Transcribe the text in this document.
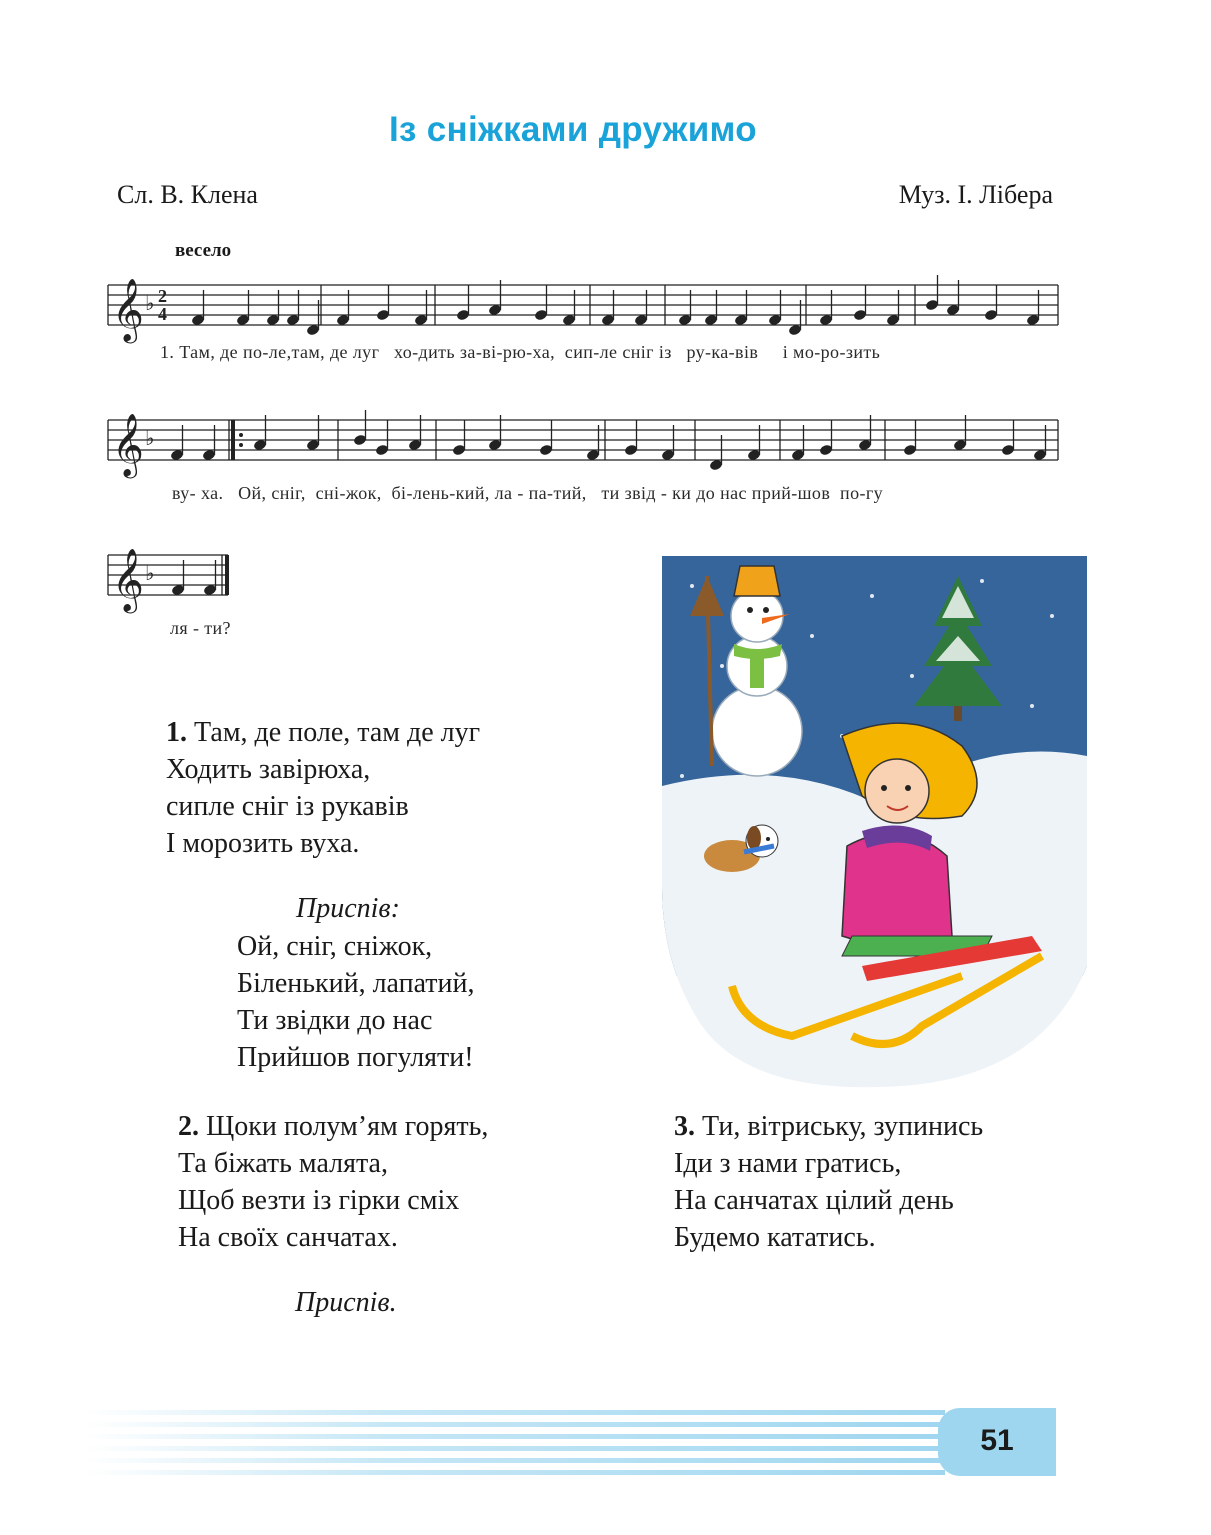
Із сніжками дружимо
Сл. В. Клена	Муз. І. Лібера
весело
𝄞 ♭ 2
4
1. Там, де по-ле,там, де луг   хо-дить за-ві-рю-ха,  сип-ле сніг із   ру-ка-вів     і мо-ро-зить
𝄞 ♭
ву- ха.   Ой, сніг,  сні-жок,  бі-лень-кий, ла - па-тий,   ти звід - ки до нас прий-шов  по-гу
𝄞 ♭
ля - ти?
1. Там, де поле, там де луг
Ходить завірюха,
сипле сніг із рукавів
І морозить вуха.
Приспів:
Ой, сніг, сніжок,
Біленький, лапатий,
Ти звідки до нас
Прийшов погуляти!
2. Щоки полум’ям горять,
Та біжать малята,
Щоб везти із гірки сміх
На своїх санчатах.
Приспів.
3. Ти, вітриську, зупинись
Іди з нами гратись,
На санчатах цілий день
Будемо кататись.
51
